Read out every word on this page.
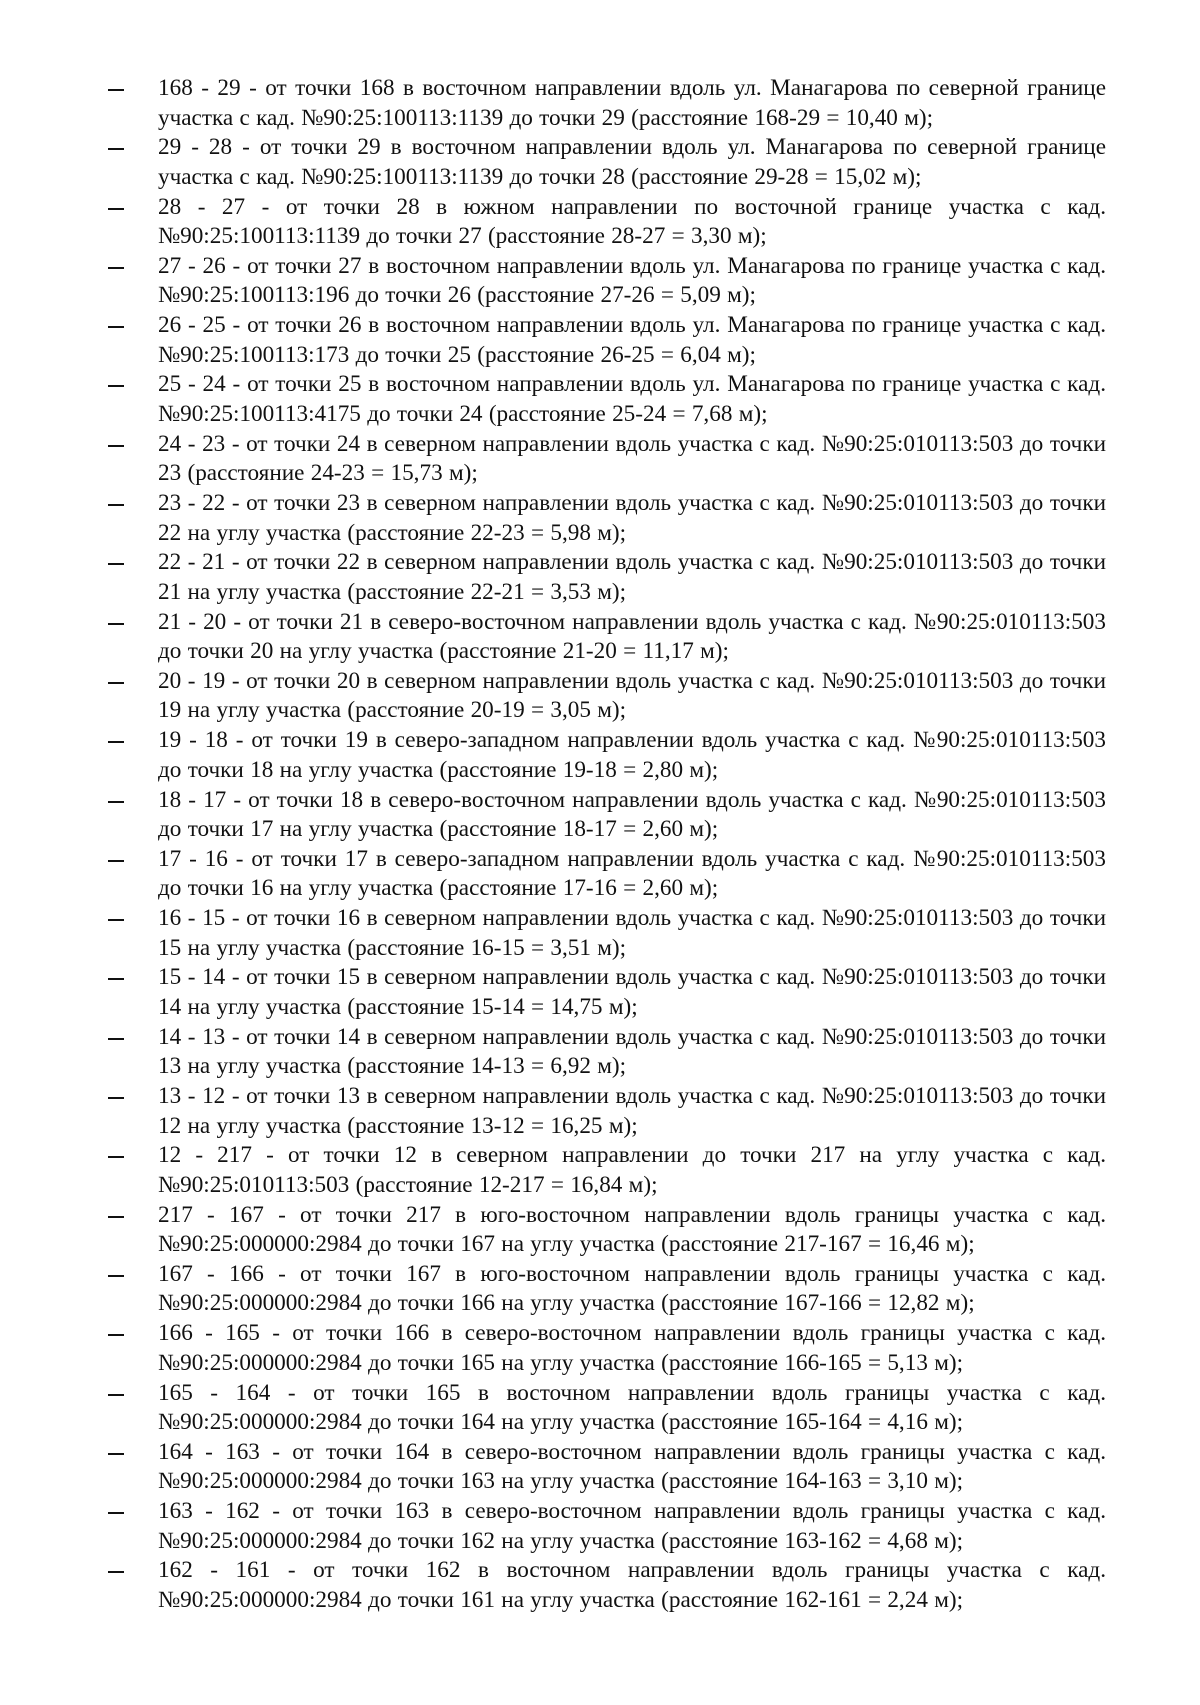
168 - 29 - от точки 168 в восточном направлении вдоль ул. Манагарова по северной границе участка с кад. №90:25:100113:1139 до точки 29 (расстояние 168-29 = 10,40 м);
29 - 28 - от точки 29 в восточном направлении вдоль ул. Манагарова по северной границе участка с кад. №90:25:100113:1139 до точки 28 (расстояние 29-28 = 15,02 м);
28 - 27 - от точки 28 в южном направлении по восточной границе участка с кад. №90:25:100113:1139 до точки 27 (расстояние 28-27 = 3,30 м);
27 - 26 - от точки 27 в восточном направлении вдоль ул. Манагарова по границе участка с кад. №90:25:100113:196 до точки 26 (расстояние 27-26 = 5,09 м);
26 - 25 - от точки 26 в восточном направлении вдоль ул. Манагарова по границе участка с кад. №90:25:100113:173 до точки 25 (расстояние 26-25 = 6,04 м);
25 - 24 - от точки 25 в восточном направлении вдоль ул. Манагарова по границе участка с кад. №90:25:100113:4175 до точки 24 (расстояние 25-24 = 7,68 м);
24 - 23 - от точки 24 в северном направлении вдоль участка с кад. №90:25:010113:503 до точки 23 (расстояние 24-23 = 15,73 м);
23 - 22 - от точки 23 в северном направлении вдоль участка с кад. №90:25:010113:503 до точки 22 на углу участка (расстояние 22-23 = 5,98 м);
22 - 21 - от точки 22 в северном направлении вдоль участка с кад. №90:25:010113:503 до точки 21 на углу участка (расстояние 22-21 = 3,53 м);
21 - 20 - от точки 21 в северо-восточном направлении вдоль участка с кад. №90:25:010113:503 до точки 20 на углу участка (расстояние 21-20 = 11,17 м);
20 - 19 - от точки 20 в северном направлении вдоль участка с кад. №90:25:010113:503 до точки 19 на углу участка (расстояние 20-19 = 3,05 м);
19 - 18 - от точки 19 в северо-западном направлении вдоль участка с кад. №90:25:010113:503 до точки 18 на углу участка (расстояние 19-18 = 2,80 м);
18 - 17 - от точки 18 в северо-восточном направлении вдоль участка с кад. №90:25:010113:503 до точки 17 на углу участка (расстояние 18-17 = 2,60 м);
17 - 16 - от точки 17 в северо-западном направлении вдоль участка с кад. №90:25:010113:503 до точки 16 на углу участка (расстояние 17-16 = 2,60 м);
16 - 15 - от точки 16 в северном направлении вдоль участка с кад. №90:25:010113:503 до точки 15 на углу участка (расстояние 16-15 = 3,51 м);
15 - 14 - от точки 15 в северном направлении вдоль участка с кад. №90:25:010113:503 до точки 14 на углу участка (расстояние 15-14 = 14,75 м);
14 - 13 - от точки 14 в северном направлении вдоль участка с кад. №90:25:010113:503 до точки 13 на углу участка (расстояние 14-13 = 6,92 м);
13 - 12 - от точки 13 в северном направлении вдоль участка с кад. №90:25:010113:503 до точки 12 на углу участка (расстояние 13-12 = 16,25 м);
12 - 217 - от точки 12 в северном направлении до точки 217 на углу участка с кад. №90:25:010113:503 (расстояние 12-217 = 16,84 м);
217 - 167 - от точки 217 в юго-восточном направлении вдоль границы участка с кад. №90:25:000000:2984 до точки 167 на углу участка (расстояние 217-167 = 16,46 м);
167 - 166 - от точки 167 в юго-восточном направлении вдоль границы участка с кад. №90:25:000000:2984 до точки 166 на углу участка (расстояние 167-166 = 12,82 м);
166 - 165 - от точки 166 в северо-восточном направлении вдоль границы участка с кад. №90:25:000000:2984 до точки 165 на углу участка (расстояние 166-165 = 5,13 м);
165 - 164 - от точки 165 в восточном направлении вдоль границы участка с кад. №90:25:000000:2984 до точки 164 на углу участка (расстояние 165-164 = 4,16 м);
164 - 163 - от точки 164 в северо-восточном направлении вдоль границы участка с кад. №90:25:000000:2984 до точки 163 на углу участка (расстояние 164-163 = 3,10 м);
163 - 162 - от точки 163 в северо-восточном направлении вдоль границы участка с кад. №90:25:000000:2984 до точки 162 на углу участка (расстояние 163-162 = 4,68 м);
162 - 161 - от точки 162 в восточном направлении вдоль границы участка с кад. №90:25:000000:2984 до точки 161 на углу участка (расстояние 162-161 = 2,24 м);
